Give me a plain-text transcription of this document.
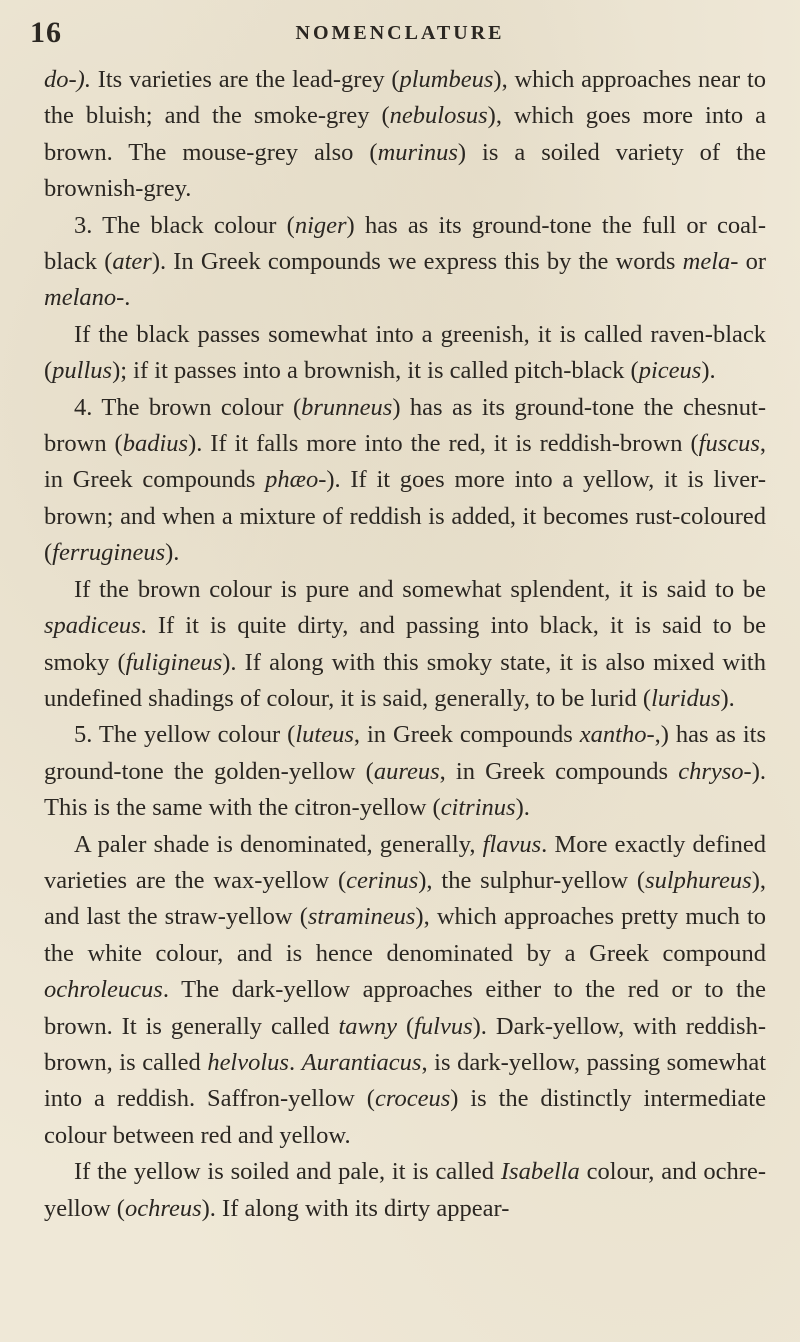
16	NOMENCLATURE

do-). Its varieties are the lead-grey (plumbeus), which approaches near to the bluish; and the smoke-grey (nebulosus), which goes more into a brown. The mouse-grey also (murinus) is a soiled variety of the brownish-grey.

3. The black colour (niger) has as its ground-tone the full or coal-black (ater). In Greek compounds we express this by the words mela- or melano-.

If the black passes somewhat into a greenish, it is called raven-black (pullus); if it passes into a brownish, it is called pitch-black (piceus).

4. The brown colour (brunneus) has as its ground-tone the chesnut-brown (badius). If it falls more into the red, it is reddish-brown (fuscus, in Greek compounds phæo-). If it goes more into a yellow, it is liver-brown; and when a mixture of reddish is added, it becomes rust-coloured (ferrugineus).

If the brown colour is pure and somewhat splendent, it is said to be spadiceus. If it is quite dirty, and passing into black, it is said to be smoky (fuligineus). If along with this smoky state, it is also mixed with undefined shadings of colour, it is said, generally, to be lurid (luridus).

5. The yellow colour (luteus, in Greek compounds xantho-,) has as its ground-tone the golden-yellow (aureus, in Greek compounds chryso-). This is the same with the citron-yellow (citrinus).

A paler shade is denominated, generally, flavus. More exactly defined varieties are the wax-yellow (cerinus), the sulphur-yellow (sulphureus), and last the straw-yellow (stramineus), which approaches pretty much to the white colour, and is hence denominated by a Greek compound ochroleucus. The dark-yellow approaches either to the red or to the brown. It is generally called tawny (fulvus). Dark-yellow, with reddish-brown, is called helvolus. Aurantiacus, is dark-yellow, passing somewhat into a reddish. Saffron-yellow (croceus) is the distinctly intermediate colour between red and yellow.

If the yellow is soiled and pale, it is called Isabella colour, and ochre-yellow (ochreus). If along with its dirty appear-
